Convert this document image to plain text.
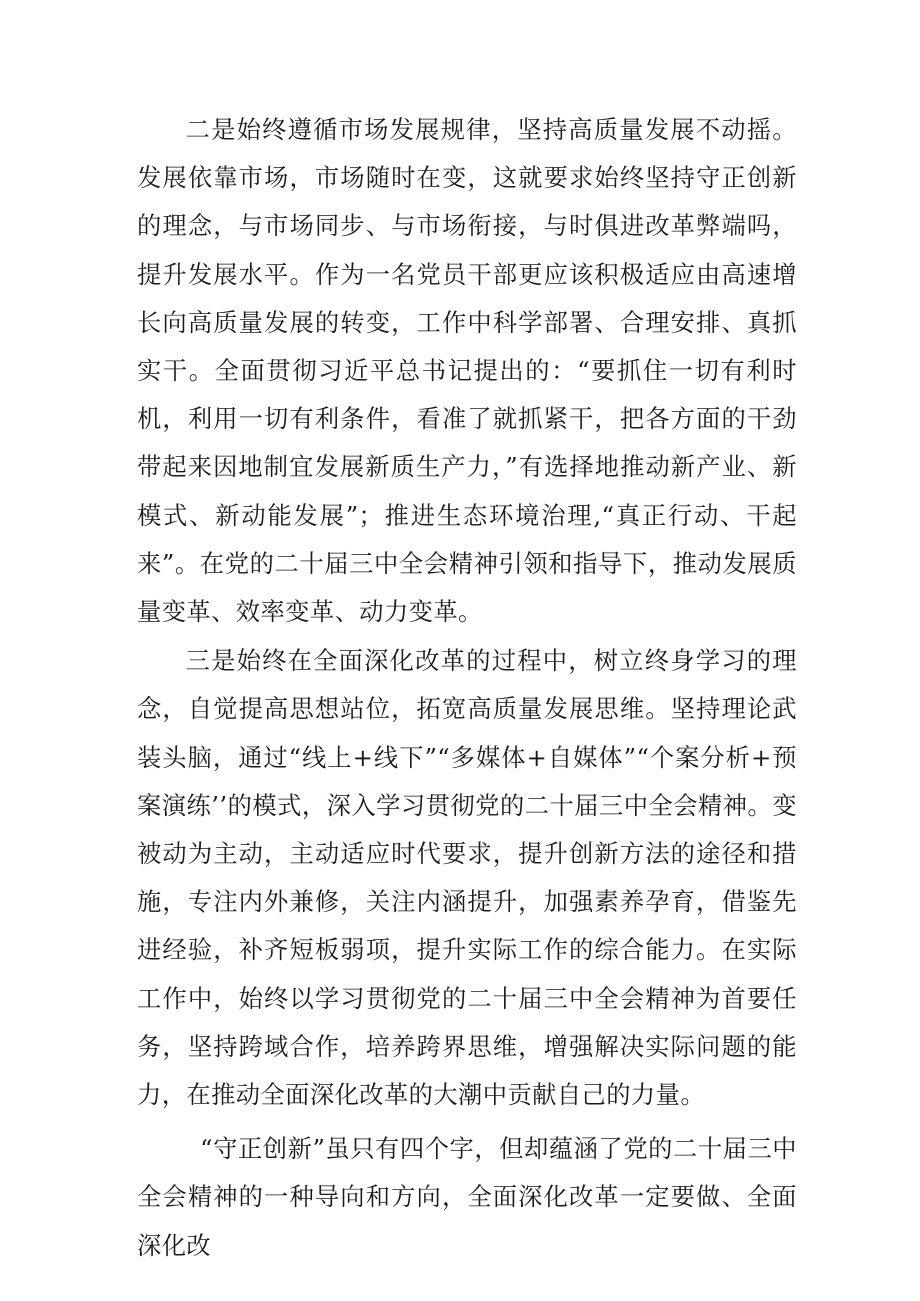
二是始终遵循市场发展规律，坚持高质量发展不动摇。发展依靠市场，市场随时在变，这就要求始终坚持守正创新的理念，与市场同步、与市场衔接，与时俱进改革弊端吗，提升发展水平。作为一名党员干部更应该积极适应由高速增长向高质量发展的转变，工作中科学部署、合理安排、真抓实干。全面贯彻习近平总书记提出的：“要抓住一切有利时机，利用一切有利条件，看准了就抓紧干，把各方面的干劲带起来因地制宜发展新质生产力，”有选择地推动新产业、新模式、新动能发展”；推进生态环境治理,“真正行动、干起来”。在党的二十届三中全会精神引领和指导下，推动发展质量变革、效率变革、动力变革。

三是始终在全面深化改革的过程中，树立终身学习的理念，自觉提高思想站位，拓宽高质量发展思维。坚持理论武装头脑，通过“线上+线下”“多媒体+自媒体”“个案分析+预案演练’’的模式，深入学习贯彻党的二十届三中全会精神。变被动为主动，主动适应时代要求，提升创新方法的途径和措施，专注内外兼修，关注内涵提升，加强素养孕育，借鉴先进经验，补齐短板弱项，提升实际工作的综合能力。在实际工作中，始终以学习贯彻党的二十届三中全会精神为首要任务，坚持跨域合作，培养跨界思维，增强解决实际问题的能力，在推动全面深化改革的大潮中贡献自己的力量。

“守正创新”虽只有四个字，但却蕴涵了党的二十届三中全会精神的一种导向和方向，全面深化改革一定要做、全面深化改
